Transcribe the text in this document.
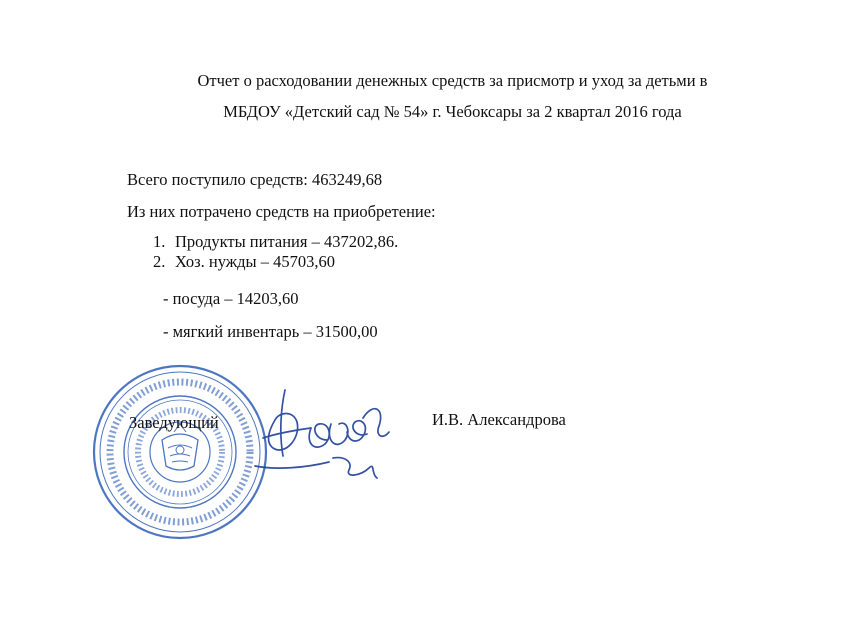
Отчет о расходовании денежных средств за присмотр и уход за детьми в
МБДОУ «Детский сад № 54» г. Чебоксары за 2 квартал 2016 года
Всего поступило средств: 463249,68
Из них потрачено средств на приобретение:
1. Продукты питания – 437202,86.
2. Хоз. нужды – 45703,60
- посуда – 14203,60
- мягкий инвентарь – 31500,00
Заведующий	И.В. Александрова
